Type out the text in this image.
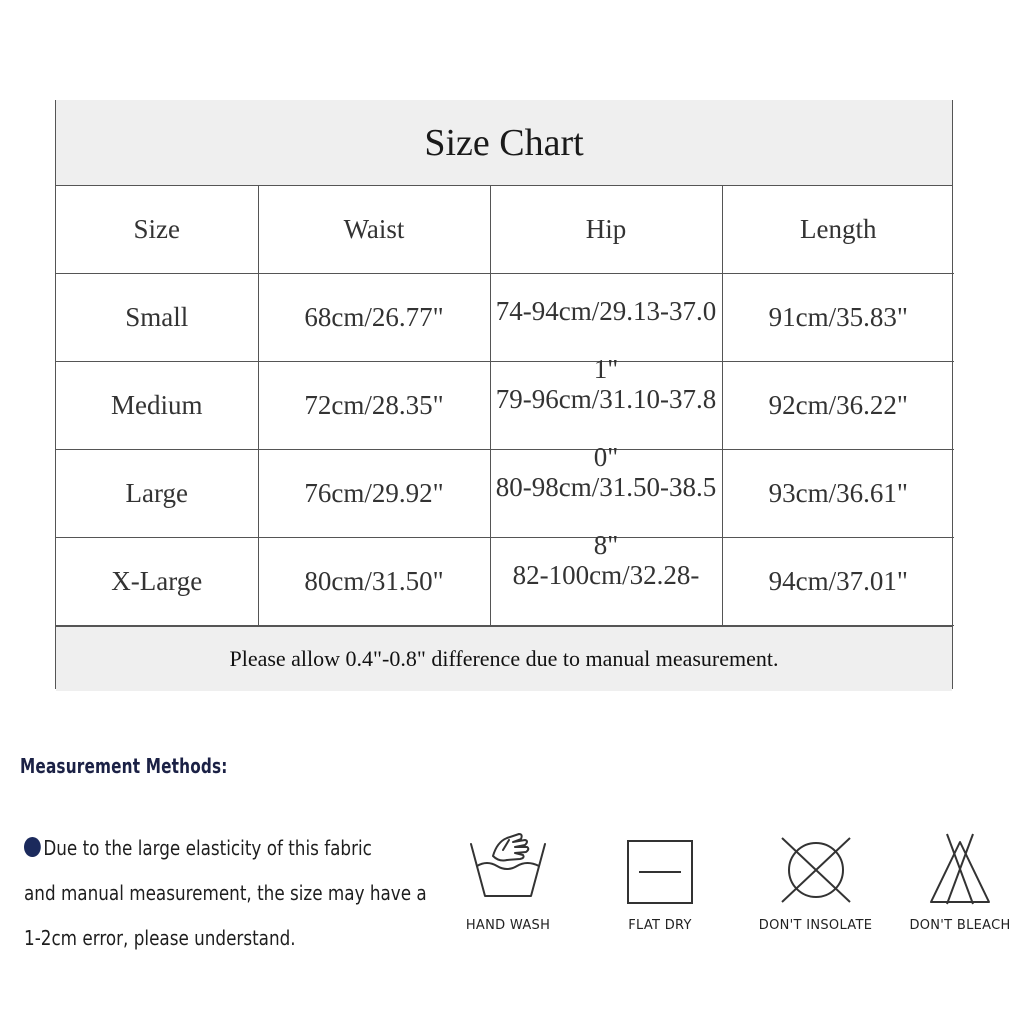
Size Chart
Size	Waist	Hip	Length
Small	68cm/26.77"	74-94cm/29.13-37.01"	91cm/35.83"
Medium	72cm/28.35"	79-96cm/31.10-37.80"	92cm/36.22"
Large	76cm/29.92"	80-98cm/31.50-38.58"	93cm/36.61"
X-Large	80cm/31.50"	82-100cm/32.28-	94cm/37.01"
Please allow 0.4"-0.8" difference due to manual measurement.
Measurement Methods:
Due to the large elasticity of this fabric
and manual measurement, the size may have a
1-2cm error, please understand.
HAND WASH	FLAT DRY	DON'T INSOLATE	DON'T BLEACH
